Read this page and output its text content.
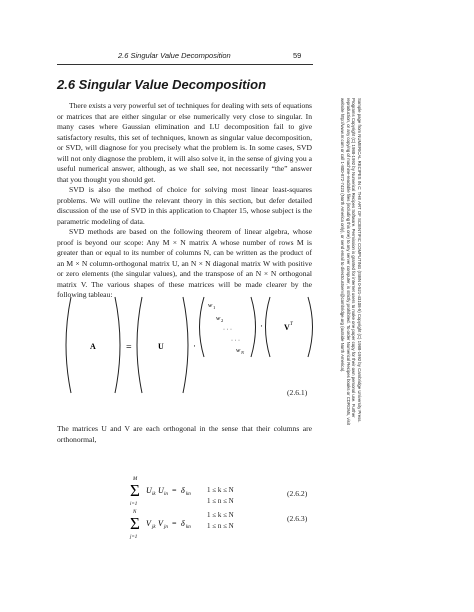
2.6 Singular Value Decomposition	59
2.6 Singular Value Decomposition

There exists a very powerful set of techniques for dealing with sets of equations or matrices that are either singular or else numerically very close to singular. In many cases where Gaussian elimination and LU decomposition fail to give satisfactory results, this set of techniques, known as singular value decomposition, or SVD, will diagnose for you precisely what the problem is. In some cases, SVD will not only diagnose the problem, it will also solve it, in the sense of giving you a useful numerical answer, although, as we shall see, not necessarily “the” answer that you thought you should get.

SVD is also the method of choice for solving most linear least-squares problems. We will outline the relevant theory in this section, but defer detailed discussion of the use of SVD in this application to Chapter 15, whose subject is the parametric modeling of data.

SVD methods are based on the following theorem of linear algebra, whose proof is beyond our scope: Any M × N matrix A whose number of rows M is greater than or equal to its number of columns N, can be written as the product of an M × N column-orthogonal matrix U, an N × N diagonal matrix W with positive or zero elements (the singular values), and the transpose of an N × N orthogonal matrix V. The various shapes of these matrices will be made clearer by the following tableau:

A	=	U	·
w 1
w 2
· · ·
· · ·
w N
·	V T
(2.6.1)
The matrices U and V are each orthogonal in the sense that their columns are orthonormal,
M
Σ
i=1
U ik U in = δ kn
1 ≤ k ≤ N
1 ≤ n ≤ N
(2.6.2)
N
Σ
j=1
V jk V jn = δ kn
1 ≤ k ≤ N
1 ≤ n ≤ N
(2.6.3)
Sample page from NUMERICAL RECIPES IN C: THE ART OF SCIENTIFIC COMPUTING (ISBN 0-521-43108-5) Copyright (C) 1988-1992 by Cambridge University Press. Programs Copyright (C) 1988-1992 by Numerical Recipes Software. Permission is granted for internet users to make one paper copy for their own personal use. Further reproduction, or any copying of machine-readable files (including this one) to any server computer, is strictly prohibited. To order Numerical Recipes books or CDROMs, visit website http://www.nr.com or call 1-800-872-7423 (North America only), or send email to directcustserv@cambridge.org (outside North America).
